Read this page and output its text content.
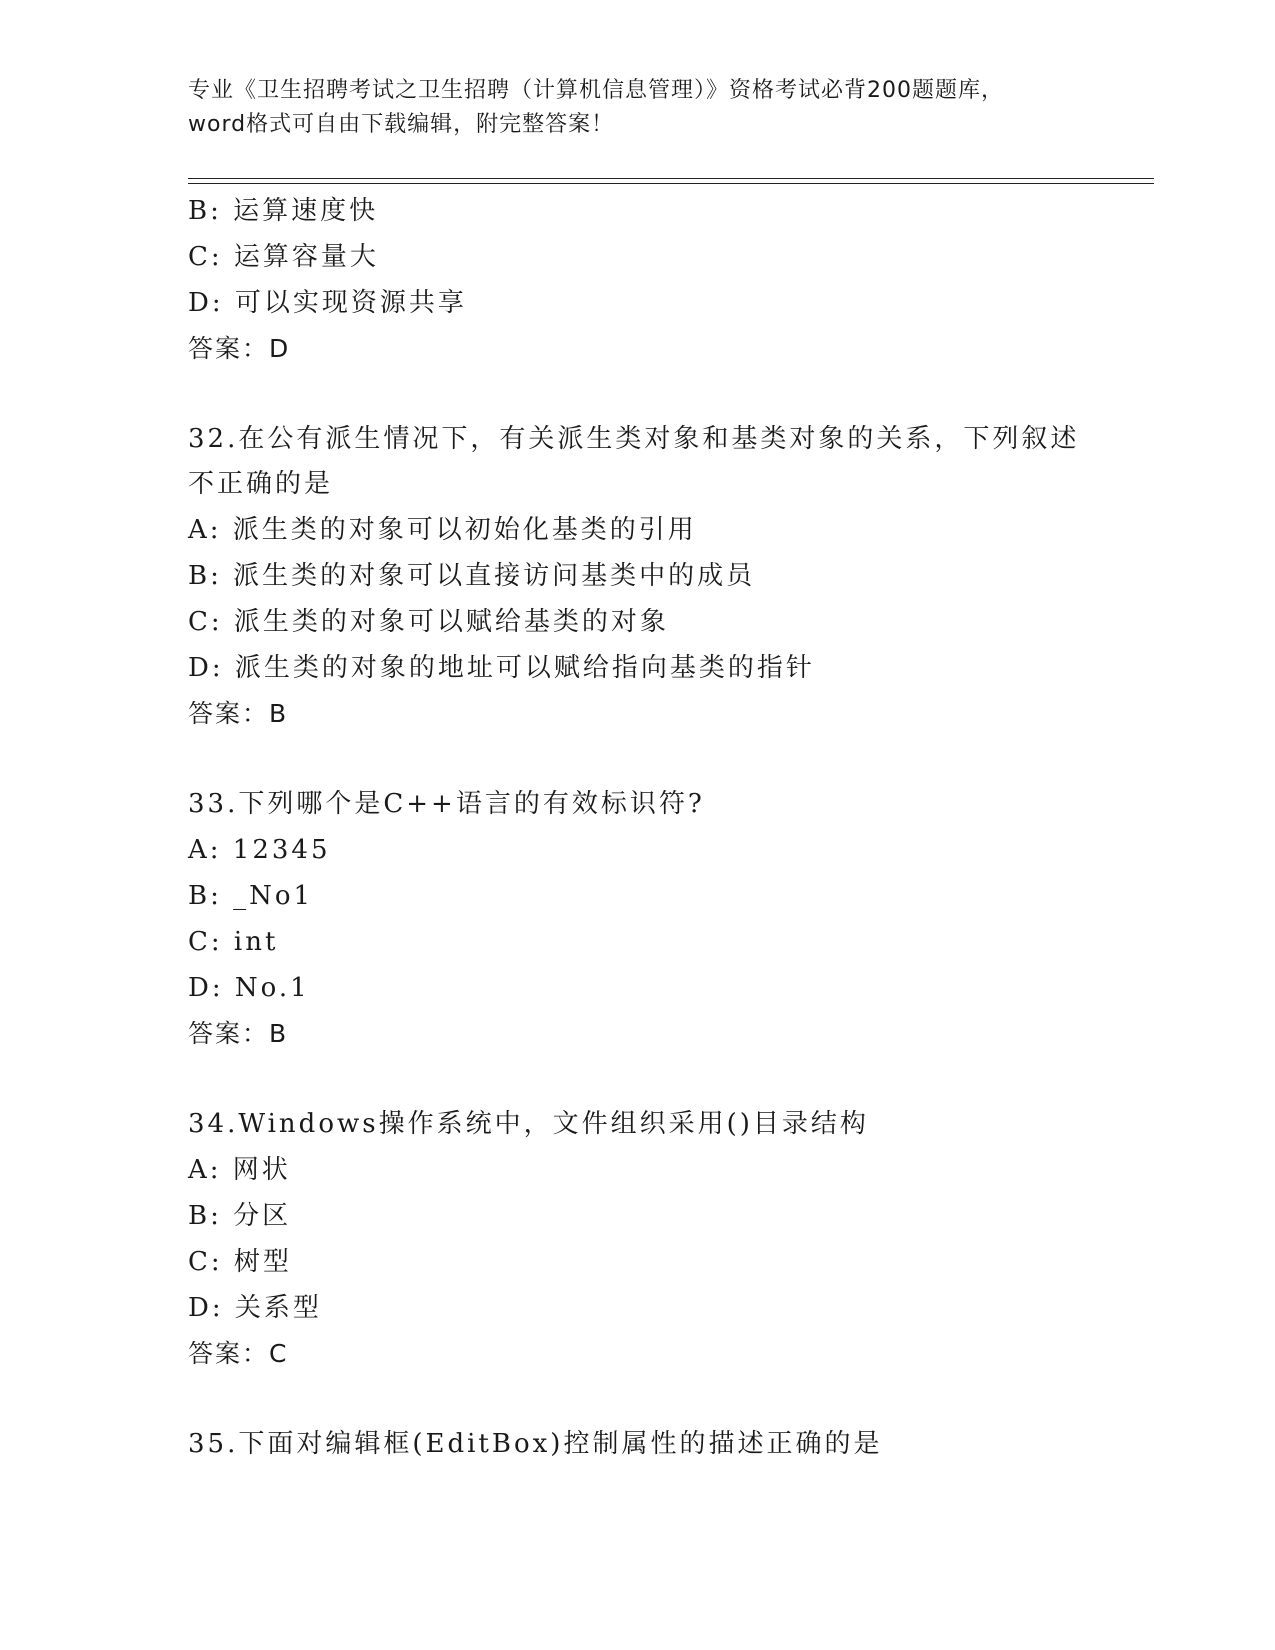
专业《卫生招聘考试之卫生招聘（计算机信息管理）》资格考试必背200题题库，
word格式可自由下载编辑，附完整答案！
B: 运算速度快
C: 运算容量大
D: 可以实现资源共享
答案：D
32.在公有派生情况下，有关派生类对象和基类对象的关系，下列叙述不正确的是
A: 派生类的对象可以初始化基类的引用
B: 派生类的对象可以直接访问基类中的成员
C: 派生类的对象可以赋给基类的对象
D: 派生类的对象的地址可以赋给指向基类的指针
答案：B
33.下列哪个是C++语言的有效标识符?
A: 12345
B: _No1
C: int
D: No.1
答案：B
34.Windows操作系统中，文件组织采用()目录结构
A: 网状
B: 分区
C: 树型
D: 关系型
答案：C
35.下面对编辑框(EditBox)控制属性的描述正确的是
